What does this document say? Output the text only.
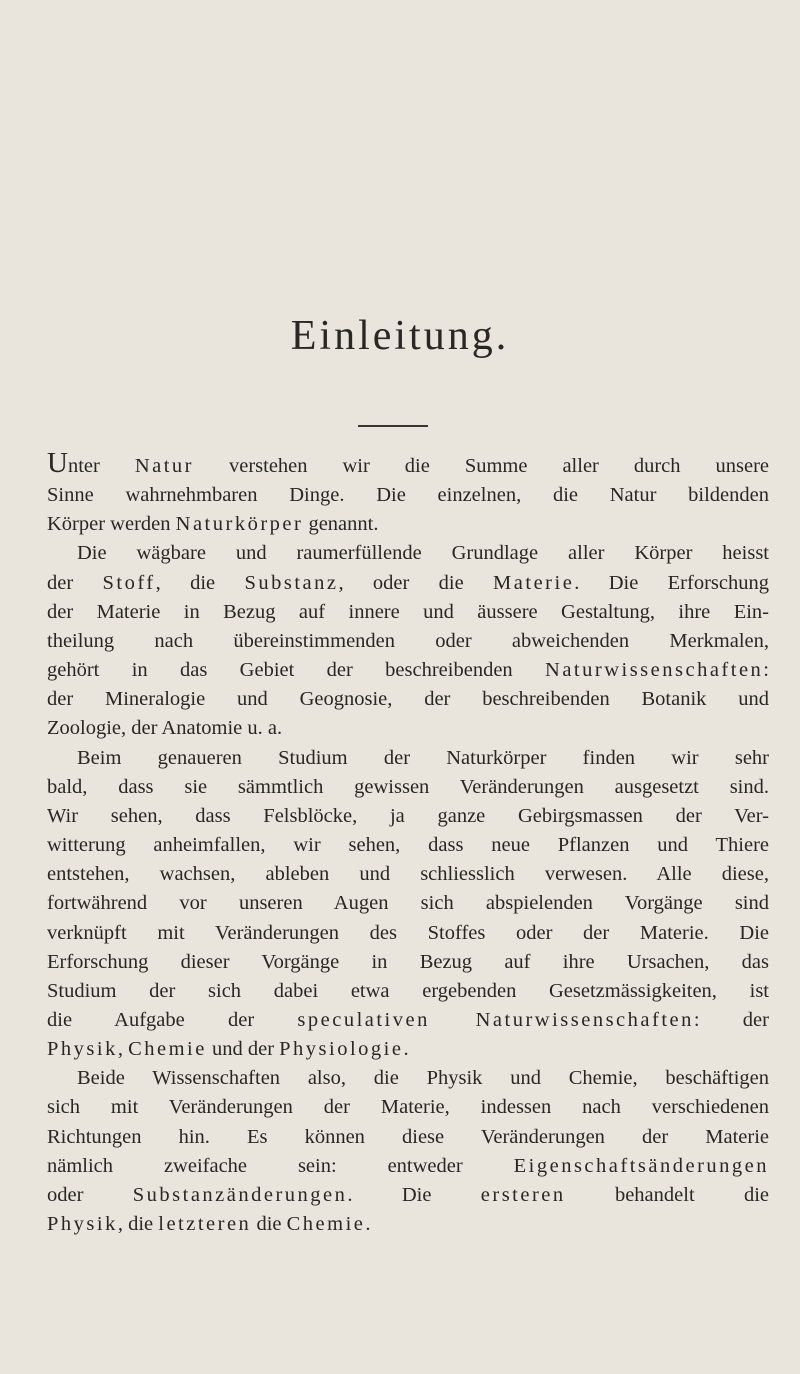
Einleitung.
Unter Natur verstehen wir die Summe aller durch unsere
Sinne wahrnehmbaren Dinge. Die einzelnen, die Natur bildenden
Körper werden Naturkörper genannt.
Die wägbare und raumerfüllende Grundlage aller Körper heisst
der Stoff, die Substanz, oder die Materie. Die Erforschung
der Materie in Bezug auf innere und äussere Gestaltung, ihre Ein-
theilung nach übereinstimmenden oder abweichenden Merkmalen,
gehört in das Gebiet der beschreibenden Naturwissenschaften:
der Mineralogie und Geognosie, der beschreibenden Botanik und
Zoologie, der Anatomie u. a.
Beim genaueren Studium der Naturkörper finden wir sehr
bald, dass sie sämmtlich gewissen Veränderungen ausgesetzt sind.
Wir sehen, dass Felsblöcke, ja ganze Gebirgsmassen der Ver-
witterung anheimfallen, wir sehen, dass neue Pflanzen und Thiere
entstehen, wachsen, ableben und schliesslich verwesen. Alle diese,
fortwährend vor unseren Augen sich abspielenden Vorgänge sind
verknüpft mit Veränderungen des Stoffes oder der Materie. Die
Erforschung dieser Vorgänge in Bezug auf ihre Ursachen, das
Studium der sich dabei etwa ergebenden Gesetzmässigkeiten, ist
die Aufgabe der speculativen Naturwissenschaften: der
Physik, Chemie und der Physiologie.
Beide Wissenschaften also, die Physik und Chemie, beschäftigen
sich mit Veränderungen der Materie, indessen nach verschiedenen
Richtungen hin. Es können diese Veränderungen der Materie
nämlich zweifache sein: entweder Eigenschaftsänderungen
oder Substanzänderungen. Die ersteren behandelt die
Physik, die letzteren die Chemie.
